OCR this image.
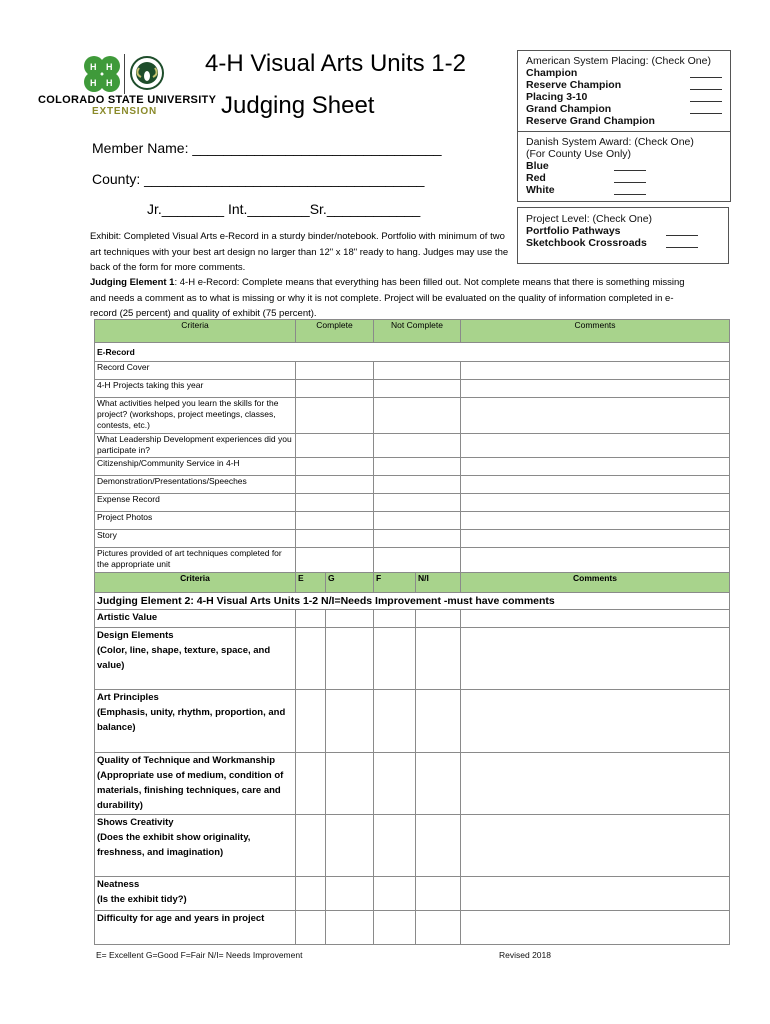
H H
H H
COLORADO STATE UNIVERSITY
EXTENSION
4-H Visual Arts Units 1-2
Judging Sheet
Member Name: ________________________________
County: ____________________________________
Jr.________ Int.________Sr.____________
American System Placing: (Check One)
Champion
Reserve Champion
Placing 3-10
Grand Champion
Reserve Grand Champion
Danish System Award: (Check One)
(For County Use Only)
Blue
Red
White
Project Level: (Check One)
Portfolio Pathways
Sketchbook Crossroads
Exhibit: Completed Visual Arts e-Record in a sturdy binder/notebook. Portfolio with minimum of two art techniques with your best art design no larger than 12" x 18" ready to hang. Judges may use the back of the form for more comments.
Judging Element 1: 4-H e-Record: Complete means that everything has been filled out. Not complete means that there is something missing and needs a comment as to what is missing or why it is not complete. Project will be evaluated on the quality of information completed in e-record (25 percent) and quality of exhibit (75 percent).
Criteria	Complete	Not Complete	Comments
E-Record			
Record Cover			
4-H Projects taking this year			
What activities helped you learn the skills for the project? (workshops, project meetings, classes, contests, etc.)			
What Leadership Development experiences did you participate in?			
Citizenship/Community Service in 4-H			
Demonstration/Presentations/Speeches			
Expense Record			
Project Photos			
Story			
Pictures provided of art techniques completed for the appropriate unit			
Criteria	E	G	F	N/I	Comments
Judging Element 2: 4-H Visual Arts Units 1-2 N/I=Needs Improvement -must have comments					

Artistic Value					

Design Elements
(Color, line, shape, texture, space, and value)					

Art Principles
(Emphasis, unity, rhythm, proportion, and balance)					

Quality of Technique and Workmanship
(Appropriate use of medium, condition of materials, finishing techniques, care and durability)					

Shows Creativity
(Does the exhibit show originality, freshness, and imagination)					

Neatness
(Is the exhibit tidy?)					

Difficulty for age and years in project					

E= Excellent G=Good F=Fair N/I= Needs Improvement	Revised 2018
